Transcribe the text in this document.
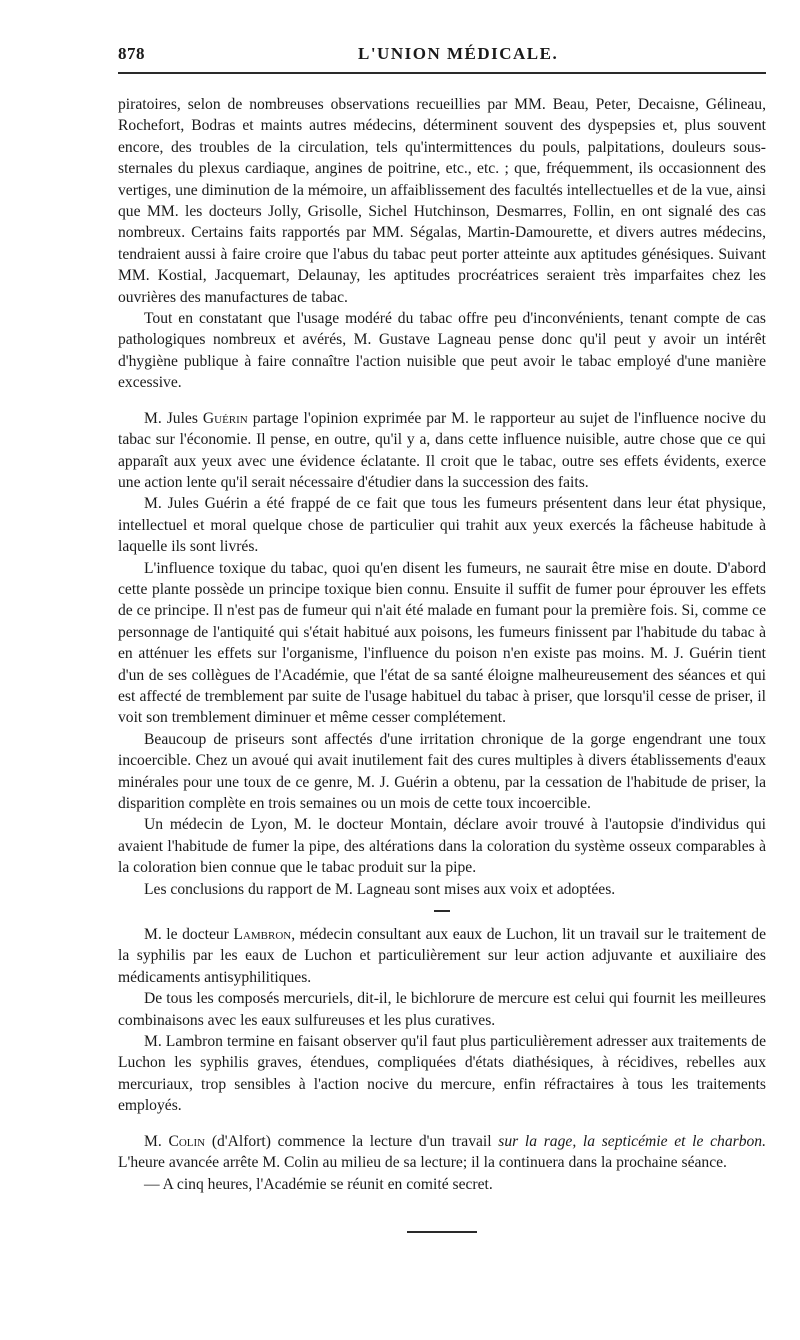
878	L'UNION MÉDICALE.

piratoires, selon de nombreuses observations recueillies par MM. Beau, Peter, Decaisne, Gélineau, Rochefort, Bodras et maints autres médecins, déterminent souvent des dyspepsies et, plus souvent encore, des troubles de la circulation, tels qu'intermittences du pouls, palpitations, douleurs sous-sternales du plexus cardiaque, angines de poitrine, etc., etc. ; que, fréquemment, ils occasionnent des vertiges, une diminution de la mémoire, un affaiblissement des facultés intellectuelles et de la vue, ainsi que MM. les docteurs Jolly, Grisolle, Sichel Hutchinson, Desmarres, Follin, en ont signalé des cas nombreux. Certains faits rapportés par MM. Ségalas, Martin-Damourette, et divers autres médecins, tendraient aussi à faire croire que l'abus du tabac peut porter atteinte aux aptitudes génésiques. Suivant MM. Kostial, Jacquemart, Delaunay, les aptitudes procréatrices seraient très imparfaites chez les ouvrières des manufactures de tabac.

Tout en constatant que l'usage modéré du tabac offre peu d'inconvénients, tenant compte de cas pathologiques nombreux et avérés, M. Gustave Lagneau pense donc qu'il peut y avoir un intérêt d'hygiène publique à faire connaître l'action nuisible que peut avoir le tabac employé d'une manière excessive.

M. Jules Guérin partage l'opinion exprimée par M. le rapporteur au sujet de l'influence nocive du tabac sur l'économie. Il pense, en outre, qu'il y a, dans cette influence nuisible, autre chose que ce qui apparaît aux yeux avec une évidence éclatante. Il croit que le tabac, outre ses effets évidents, exerce une action lente qu'il serait nécessaire d'étudier dans la succession des faits.

M. Jules Guérin a été frappé de ce fait que tous les fumeurs présentent dans leur état physique, intellectuel et moral quelque chose de particulier qui trahit aux yeux exercés la fâcheuse habitude à laquelle ils sont livrés.

L'influence toxique du tabac, quoi qu'en disent les fumeurs, ne saurait être mise en doute. D'abord cette plante possède un principe toxique bien connu. Ensuite il suffit de fumer pour éprouver les effets de ce principe. Il n'est pas de fumeur qui n'ait été malade en fumant pour la première fois. Si, comme ce personnage de l'antiquité qui s'était habitué aux poisons, les fumeurs finissent par l'habitude du tabac à en atténuer les effets sur l'organisme, l'influence du poison n'en existe pas moins. M. J. Guérin tient d'un de ses collègues de l'Académie, que l'état de sa santé éloigne malheureusement des séances et qui est affecté de tremblement par suite de l'usage habituel du tabac à priser, que lorsqu'il cesse de priser, il voit son tremblement diminuer et même cesser complétement.

Beaucoup de priseurs sont affectés d'une irritation chronique de la gorge engendrant une toux incoercible. Chez un avoué qui avait inutilement fait des cures multiples à divers établissements d'eaux minérales pour une toux de ce genre, M. J. Guérin a obtenu, par la cessation de l'habitude de priser, la disparition complète en trois semaines ou un mois de cette toux incoercible.

Un médecin de Lyon, M. le docteur Montain, déclare avoir trouvé à l'autopsie d'individus qui avaient l'habitude de fumer la pipe, des altérations dans la coloration du système osseux comparables à la coloration bien connue que le tabac produit sur la pipe.

Les conclusions du rapport de M. Lagneau sont mises aux voix et adoptées.

M. le docteur Lambron, médecin consultant aux eaux de Luchon, lit un travail sur le traitement de la syphilis par les eaux de Luchon et particulièrement sur leur action adjuvante et auxiliaire des médicaments antisyphilitiques.

De tous les composés mercuriels, dit-il, le bichlorure de mercure est celui qui fournit les meilleures combinaisons avec les eaux sulfureuses et les plus curatives.

M. Lambron termine en faisant observer qu'il faut plus particulièrement adresser aux traitements de Luchon les syphilis graves, étendues, compliquées d'états diathésiques, à récidives, rebelles aux mercuriaux, trop sensibles à l'action nocive du mercure, enfin réfractaires à tous les traitements employés.

M. Colin (d'Alfort) commence la lecture d'un travail sur la rage, la septicémie et le charbon. L'heure avancée arrête M. Colin au milieu de sa lecture; il la continuera dans la prochaine séance.

— A cinq heures, l'Académie se réunit en comité secret.
